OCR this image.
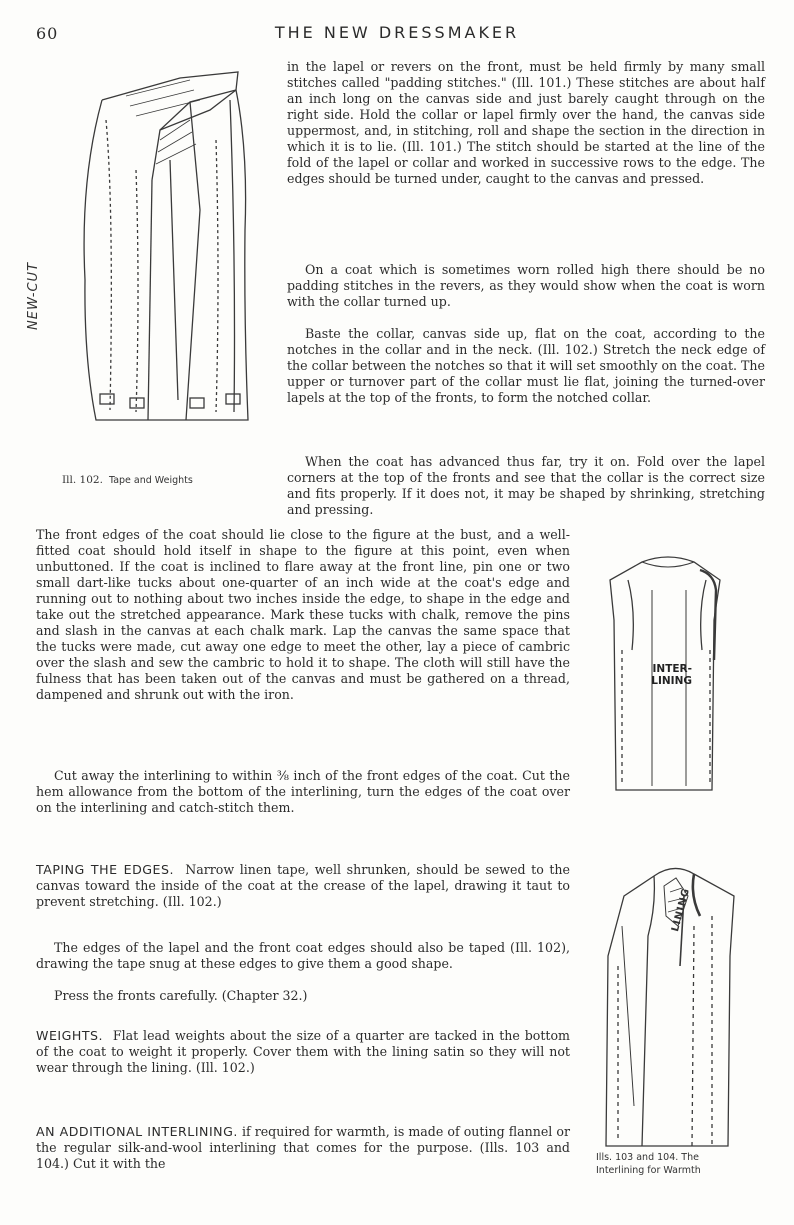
60	THE NEW DRESSMAKER
NEW-CUT
Ill. 102. Tape and Weights

in the lapel or revers on the front, must be held firmly by many small stitches called "padding stitches." (Ill. 101.) These stitches are about half an inch long on the canvas side and just barely caught through on the right side. Hold the collar or lapel firmly over the hand, the canvas side uppermost, and, in stitching, roll and shape the section in the direction in which it is to lie. (Ill. 101.) The stitch should be started at the line of the fold of the lapel or collar and worked in successive rows to the edge. The edges should be turned under, caught to the canvas and pressed.

On a coat which is sometimes worn rolled high there should be no padding stitches in the revers, as they would show when the coat is worn with the collar turned up.

Baste the collar, canvas side up, flat on the coat, according to the notches in the collar and in the neck. (Ill. 102.) Stretch the neck edge of the collar between the notches so that it will set smoothly on the coat. The upper or turnover part of the collar must lie flat, joining the turned-over lapels at the top of the fronts, to form the notched collar.

When the coat has advanced thus far, try it on. Fold over the lapel corners at the top of the fronts and see that the collar is the correct size and fits properly. If it does not, it may be shaped by shrinking, stretching and pressing.

The front edges of the coat should lie close to the figure at the bust, and a well-fitted coat should hold itself in shape to the figure at this point, even when unbuttoned. If the coat is inclined to flare away at the front line, pin one or two small dart-like tucks about one-quarter of an inch wide at the coat's edge and running out to nothing about two inches inside the edge, to shape in the edge and take out the stretched appearance. Mark these tucks with chalk, remove the pins and slash in the canvas at each chalk mark. Lap the canvas the same space that the tucks were made, cut away one edge to meet the other, lay a piece of cambric over the slash and sew the cambric to hold it to shape. The cloth will still have the fulness that has been taken out of the canvas and must be gathered on a thread, dampened and shrunk out with the iron.

Cut away the interlining to within ⅜ inch of the front edges of the coat. Cut the hem allowance from the bottom of the interlining, turn the edges of the coat over on the interlining and catch-stitch them.

INTER-
LINING

TAPING THE EDGES. Narrow linen tape, well shrunken, should be sewed to the canvas toward the inside of the coat at the crease of the lapel, drawing it taut to prevent stretching. (Ill. 102.)

The edges of the lapel and the front coat edges should also be taped (Ill. 102), drawing the tape snug at these edges to give them a good shape.

Press the fronts carefully. (Chapter 32.)

WEIGHTS. Flat lead weights about the size of a quarter are tacked in the bottom of the coat to weight it properly. Cover them with the lining satin so they will not wear through the lining. (Ill. 102.)

AN ADDITIONAL INTERLINING. if required for warmth, is made of outing flannel or the regular silk-and-wool interlining that comes for the purpose. (Ills. 103 and 104.) Cut it with the

LINING
Ills. 103 and 104. The
Interlining for Warmth
